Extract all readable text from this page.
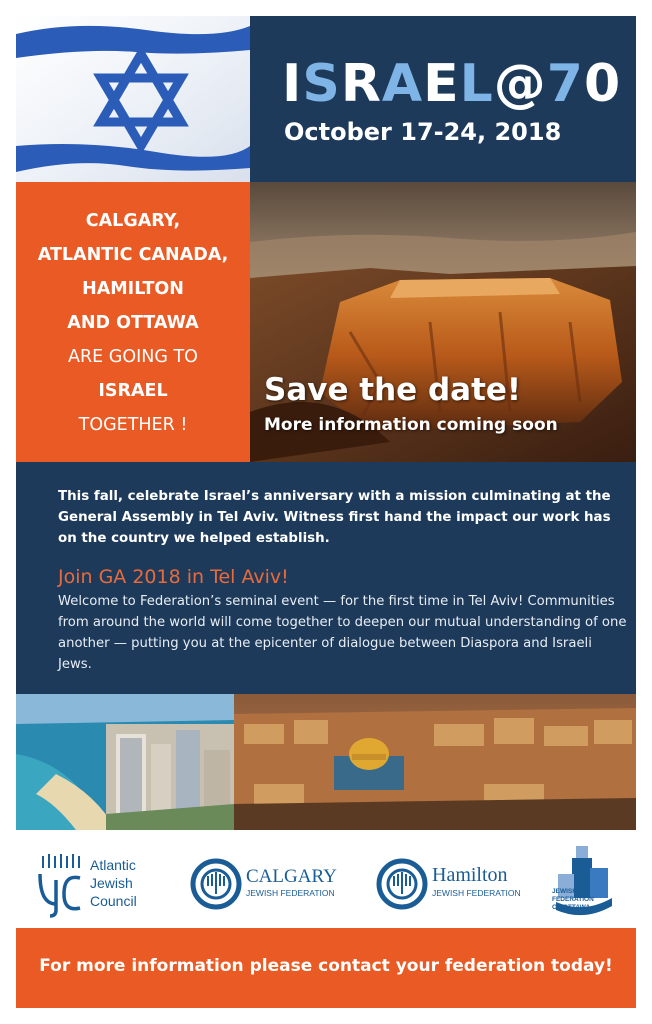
ISRAEL@70
October 17-24, 2018
CALGARY,
ATLANTIC CANADA,
HAMILTON
AND OTTAWA
ARE GOING TO
ISRAEL
TOGETHER !
Save the date!
More information coming soon
This fall, celebrate Israel’s anniversary with a mission culminating at the General Assembly in Tel Aviv. Witness first hand the impact our work has on the country we helped establish.
Join GA 2018 in Tel Aviv!
Welcome to Federation’s seminal event — for the first time in Tel Aviv! Communities from around the world will come together to deepen our mutual understanding of one another — putting you at the epicenter of dialogue between Diaspora and Israeli Jews.
Atlantic
Jewish
Council
CALGARY
JEWISH FEDERATION
Hamilton
JEWISH FEDERATION	JEWISH
FEDERATION
OF OTTAWA
For more information please contact your federation today!
